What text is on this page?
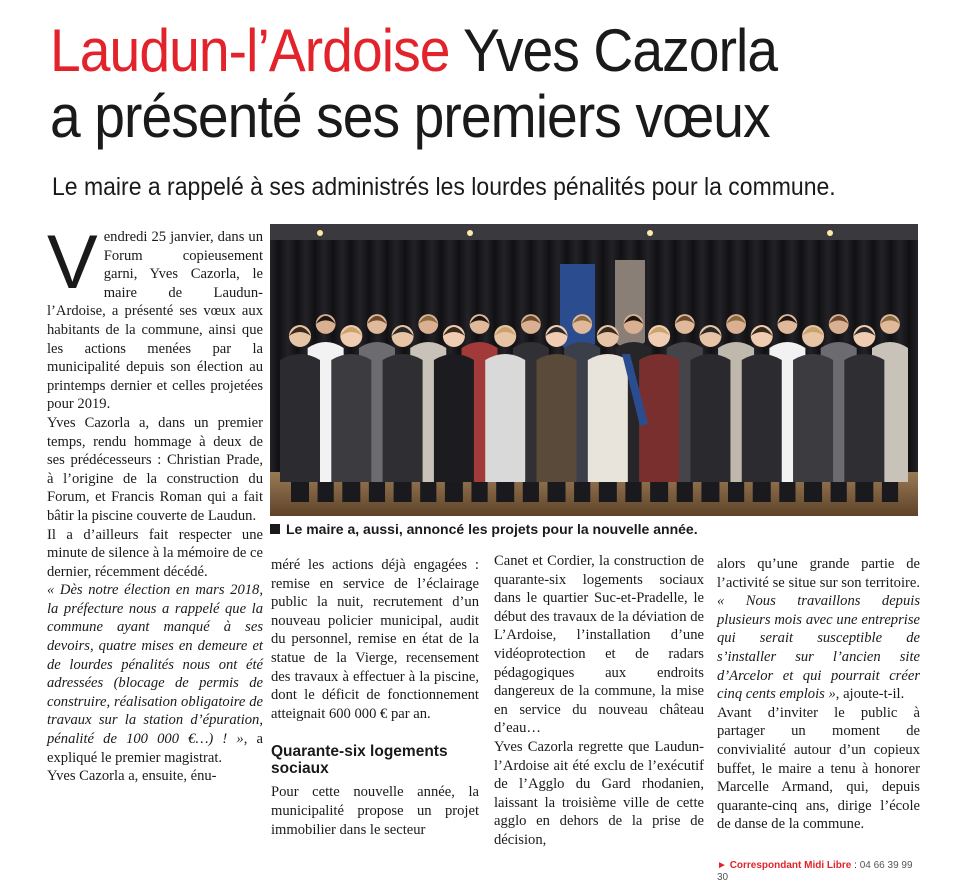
Laudun-l’Ardoise Yves Cazorla
a présenté ses premiers vœux

Le maire a rappelé à ses administrés les lourdes pénalités pour la commune.

Vendredi 25 janvier, dans un Forum copieusement garni, Yves Cazorla, le maire de Laudun-l’Ardoise, a présenté ses vœux aux habitants de la commune, ainsi que les actions menées par la municipalité depuis son élection au printemps dernier et celles projetées pour 2019.

Yves Cazorla a, dans un premier temps, rendu hommage à deux de ses prédécesseurs : Christian Prade, à l’origine de la construction du Forum, et Francis Roman qui a fait bâtir la piscine couverte de Laudun.

Il a d’ailleurs fait respecter une minute de silence à la mémoire de ce dernier, récemment décédé.

« Dès notre élection en mars 2018, la préfecture nous a rappelé que la commune ayant manqué à ses devoirs, quatre mises en demeure et de lourdes pénalités nous ont été adressées (blocage de permis de construire, réalisation obligatoire de travaux sur la station d’épuration, pénalité de 100 000 €…) ! », a expliqué le premier magistrat.

Yves Cazorla a, ensuite, énu-

Le maire a, aussi, annoncé les projets pour la nouvelle année.

méré les actions déjà engagées : remise en service de l’éclairage public la nuit, recrutement d’un nouveau policier municipal, audit du personnel, remise en état de la statue de la Vierge, recensement des travaux à effectuer à la piscine, dont le déficit de fonctionnement atteignait 600 000 € par an.

Quarante-six logements sociaux

Pour cette nouvelle année, la municipalité propose un projet immobilier dans le secteur

Canet et Cordier, la construction de quarante-six logements sociaux dans le quartier Suc-et-Pradelle, le début des travaux de la déviation de L’Ardoise, l’installation d’une vidéoprotection et de radars pédagogiques aux endroits dangereux de la commune, la mise en service du nouveau château d’eau…

Yves Cazorla regrette que Laudun-l’Ardoise ait été exclu de l’exécutif de l’Agglo du Gard rhodanien, laissant la troisième ville de cette agglo en dehors de la prise de décision,

alors qu’une grande partie de l’activité se situe sur son territoire. « Nous travaillons depuis plusieurs mois avec une entreprise qui serait susceptible de s’installer sur l’ancien site d’Arcelor et qui pourrait créer cinq cents emplois », ajoute-t-il.

Avant d’inviter le public à partager un moment de convivialité autour d’un copieux buffet, le maire a tenu à honorer Marcelle Armand, qui, depuis quarante-cinq ans, dirige l’école de danse de la commune.

► Correspondant Midi Libre : 04 66 39 99 30
